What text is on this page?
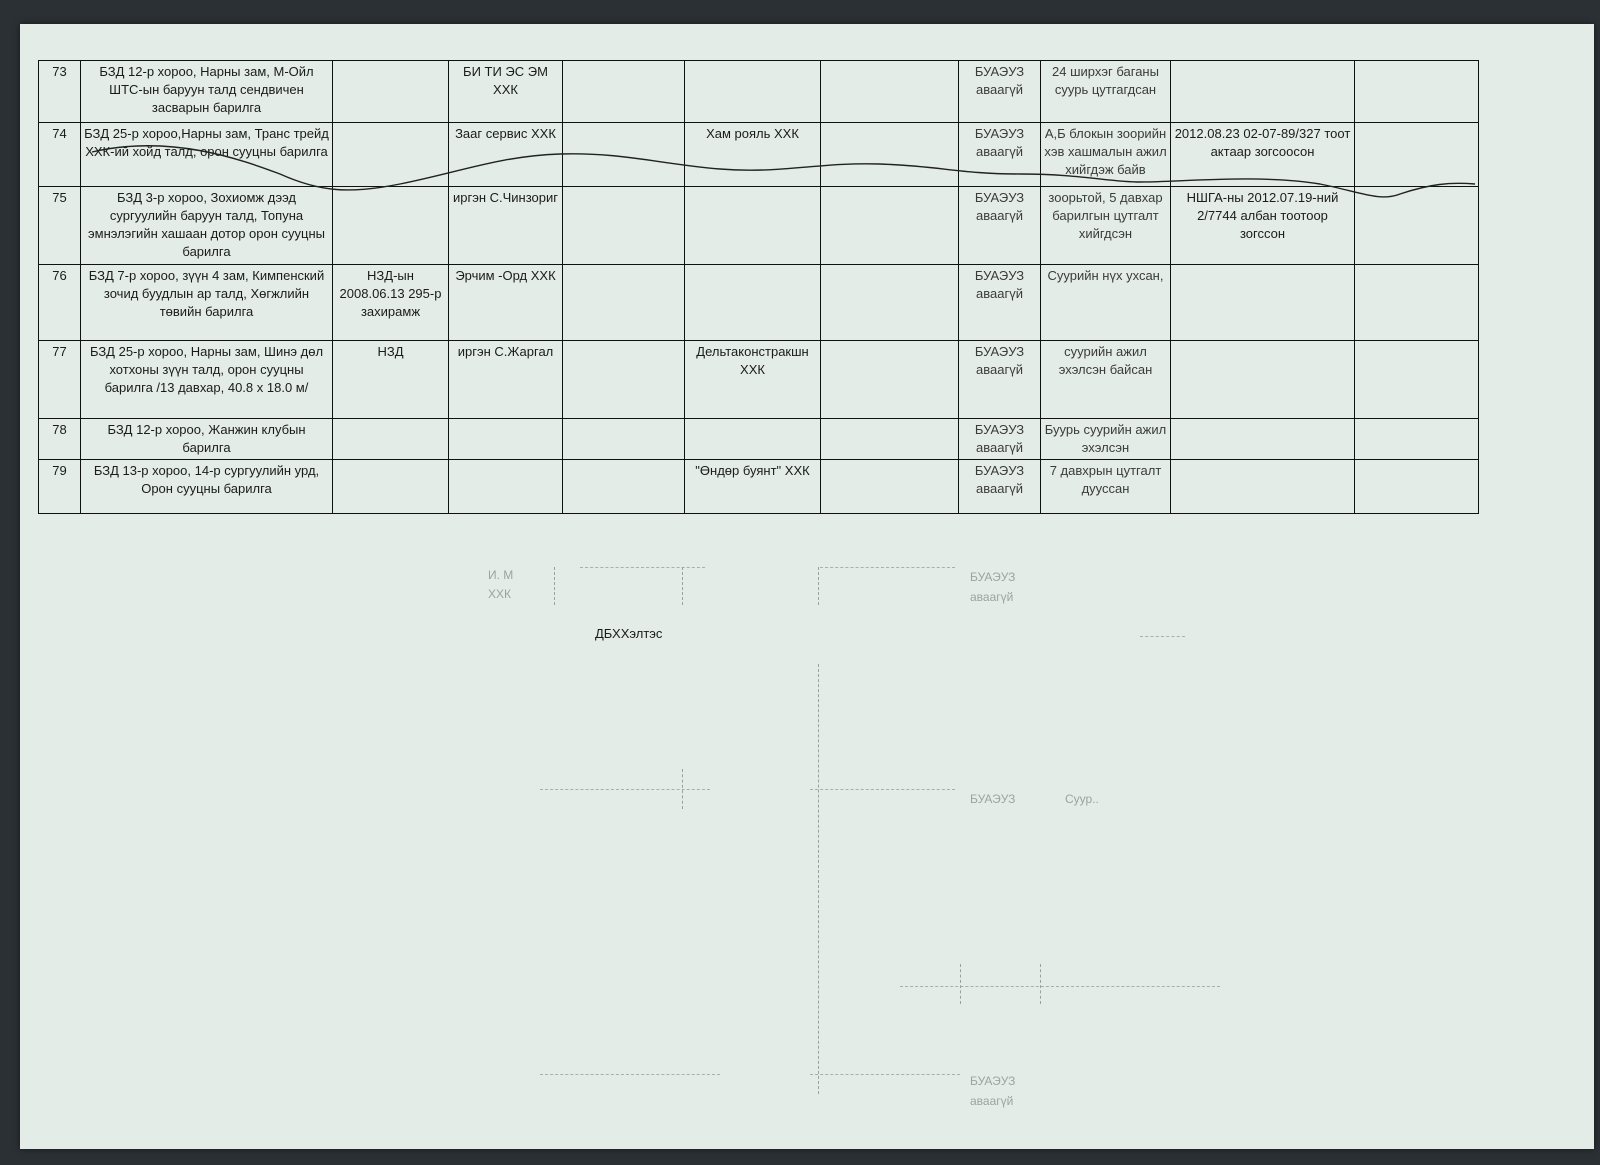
73	БЗД 12-р хороо, Нарны зам, М-Ойл ШТС-ын баруун талд сендвичен засварын барилга		БИ ТИ ЭС ЭМ ХХК				БУАЭУЗ аваагүй	24 ширхэг баганы суурь цутгагдсан		
74	БЗД 25-р хороо,Нарны зам, Транс трейд ХХК-ий хойд талд, орон сууцны барилга		Зааг сервис ХХК		Хам рояль ХХК		БУАЭУЗ аваагүй	А,Б блокын зоорийн хэв хашмалын ажил хийгдэж байв	2012.08.23 02-07-89/327 тоот актаар зогсоосон	
75	БЗД 3-р хороо, Зохиомж дээд сургуулийн баруун талд, Топуна эмнэлэгийн хашаан дотор орон сууцны барилга		иргэн С.Чинзориг				БУАЭУЗ аваагүй	зоорьтой, 5 давхар барилгын цутгалт хийгдсэн	НШГА-ны 2012.07.19-ний 2/7744 албан тоотоор зогссон	
76	БЗД 7-р хороо, зүүн 4 зам, Кимпенский зочид буудлын ар талд, Хөгжлийн төвийн барилга	НЗД-ын 2008.06.13 295-р захирамж	Эрчим -Орд ХХК				БУАЭУЗ аваагүй	Суурийн нүх ухсан,		
77	БЗД 25-р хороо, Нарны зам, Шинэ дөл хотхоны зүүн талд, орон сууцны барилга /13 давхар, 40.8 х 18.0 м/	НЗД	иргэн С.Жаргал		Дельтаконстракшн ХХК		БУАЭУЗ аваагүй	суурийн ажил эхэлсэн байсан		
78	БЗД 12-р хороо, Жанжин клубын барилга						БУАЭУЗ аваагүй	Буурь суурийн ажил эхэлсэн		
79	БЗД 13-р хороо, 14-р сургуулийн урд, Орон сууцны барилга				"Өндөр буянт" ХХК		БУАЭУЗ аваагүй	7 давхрын цутгалт дууссан		
И. М
ХХК
БУАЭУЗ
аваагүй
БУАЭУЗ	Суур..
БУАЭУЗ
аваагүй
ДБХХэлтэс
